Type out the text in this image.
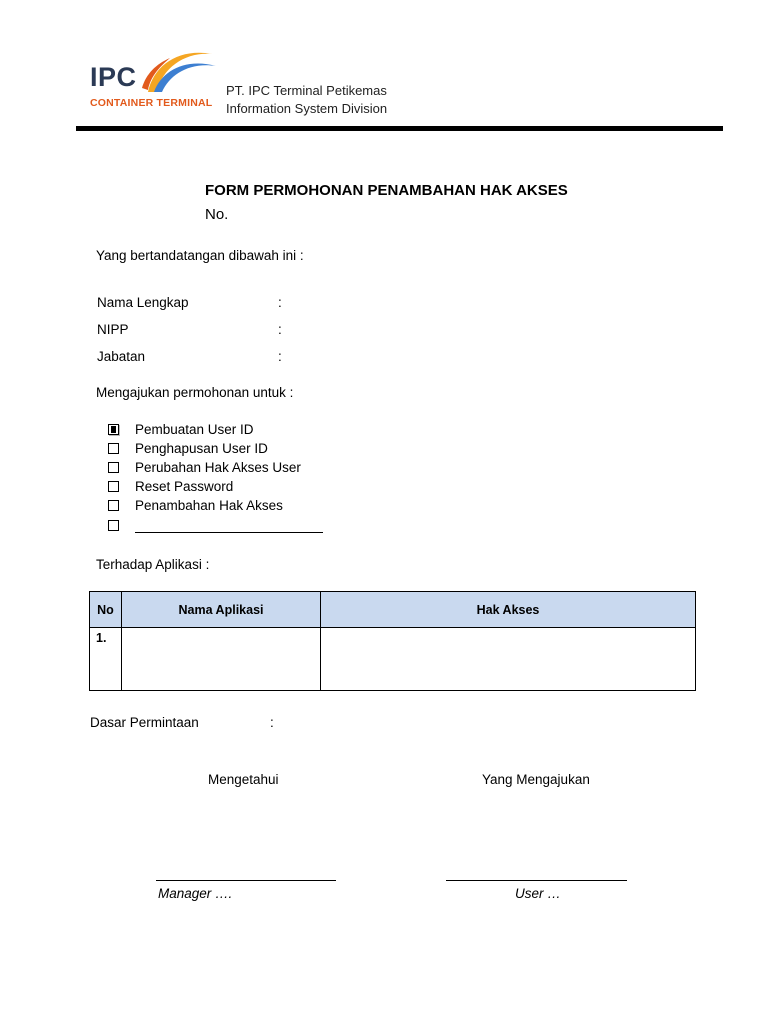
IPC
CONTAINER TERMINAL
PT. IPC Terminal Petikemas
Information System Division
FORM PERMOHONAN PENAMBAHAN HAK AKSES
No.
Yang bertandatangan dibawah ini :
Nama Lengkap	:
NIPP	:
Jabatan	:
Mengajukan permohonan untuk :
Pembuatan User ID
Penghapusan User ID
Perubahan Hak Akses User
Reset Password
Penambahan Hak Akses
Terhadap Aplikasi :
No	Nama Aplikasi	Hak Akses
1.		
Dasar Permintaan	:
Mengetahui	Yang Mengajukan
Manager ….	User …
